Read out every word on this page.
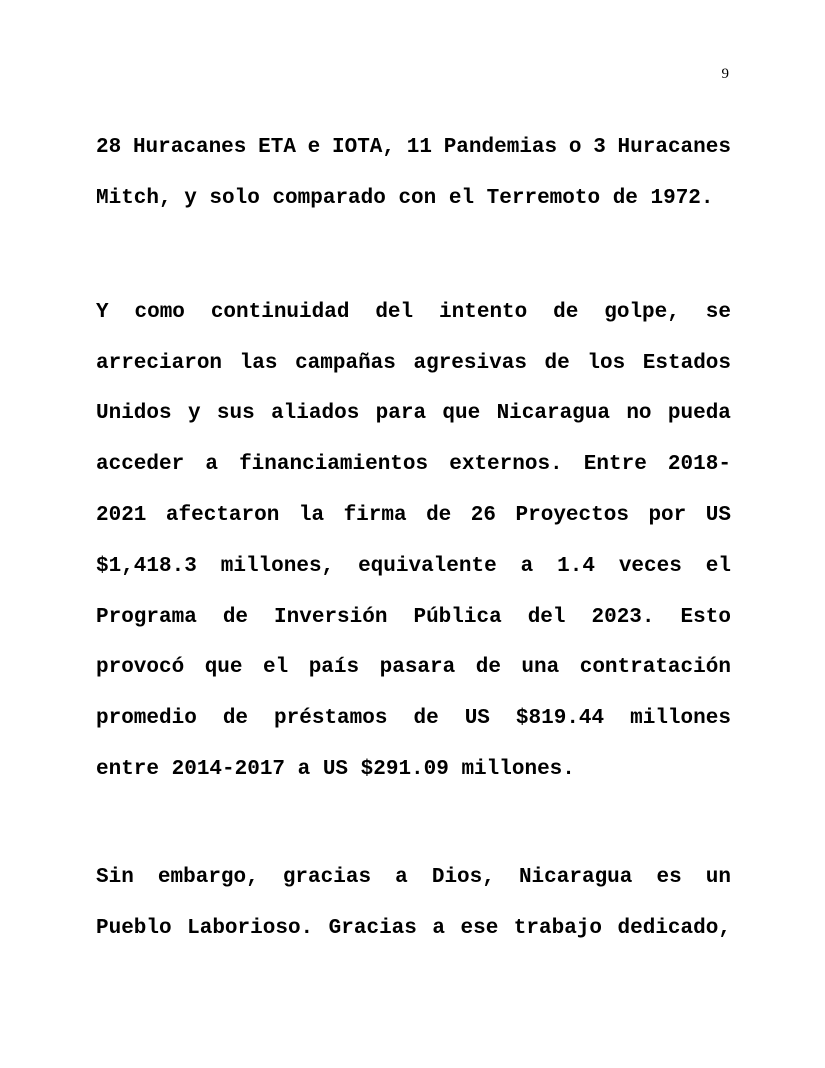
9
28 Huracanes ETA e IOTA, 11 Pandemias o 3 Huracanes
Mitch, y solo comparado con el Terremoto de 1972.
Y como continuidad del intento de golpe, se
arreciaron las campañas agresivas de los Estados
Unidos y sus aliados para que Nicaragua no pueda
acceder a financiamientos externos. Entre 2018-
2021 afectaron la firma de 26 Proyectos por US
$1,418.3 millones, equivalente a 1.4 veces el
Programa de Inversión Pública del 2023. Esto
provocó que el país pasara de una contratación
promedio de préstamos de US $819.44 millones
entre 2014-2017 a US $291.09 millones.
Sin embargo, gracias a Dios, Nicaragua es un
Pueblo Laborioso. Gracias a ese trabajo dedicado,
